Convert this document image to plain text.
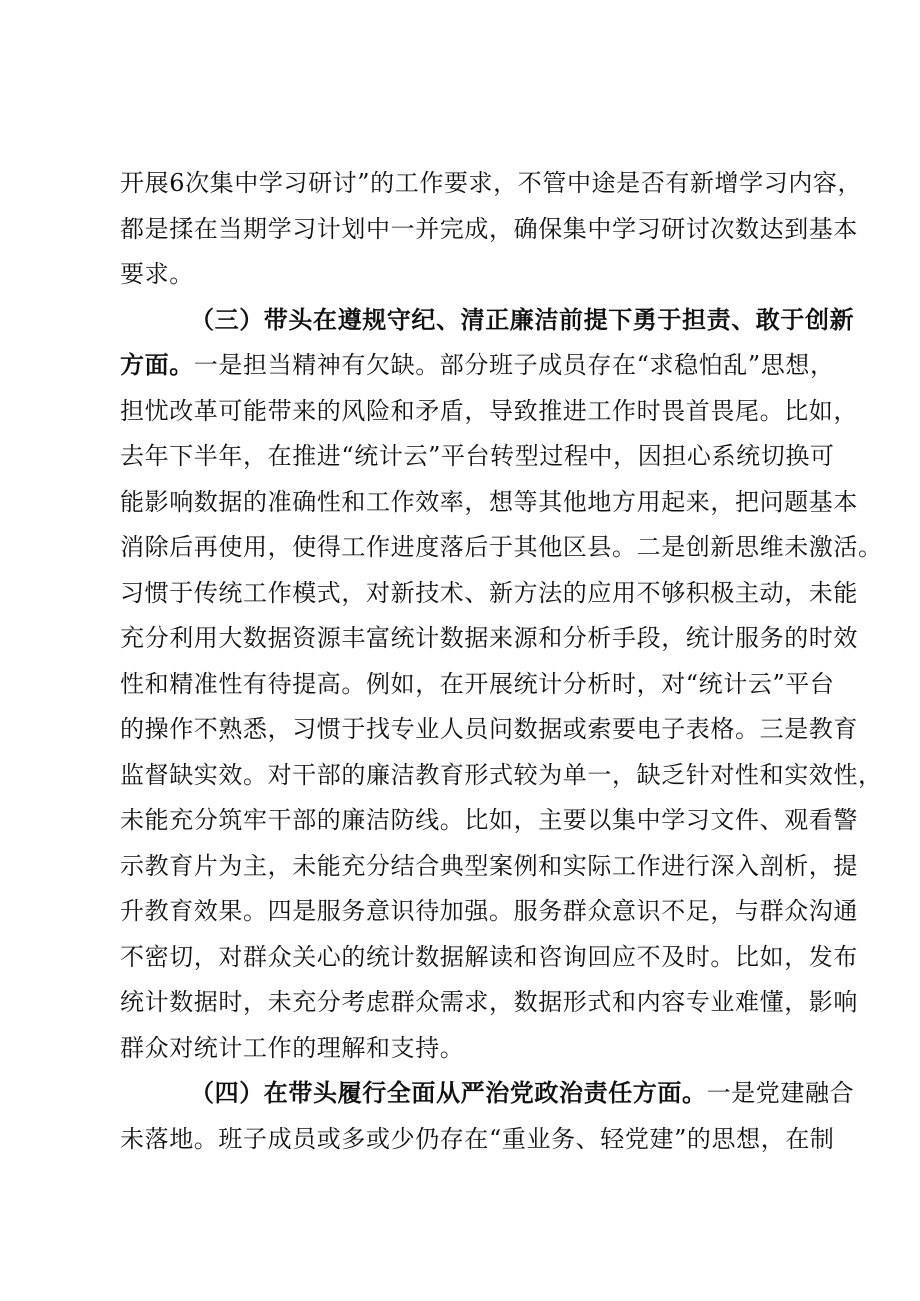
开展6次集中学习研讨”的工作要求，不管中途是否有新增学习内容，
都是揉在当期学习计划中一并完成，确保集中学习研讨次数达到基本
要求。
（三）带头在遵规守纪、清正廉洁前提下勇于担责、敢于创新
方面。一是担当精神有欠缺。部分班子成员存在“求稳怕乱”思想，
担忧改革可能带来的风险和矛盾，导致推进工作时畏首畏尾。比如，
去年下半年，在推进“统计云”平台转型过程中，因担心系统切换可
能影响数据的准确性和工作效率，想等其他地方用起来，把问题基本
消除后再使用，使得工作进度落后于其他区县。二是创新思维未激活。
习惯于传统工作模式，对新技术、新方法的应用不够积极主动，未能
充分利用大数据资源丰富统计数据来源和分析手段，统计服务的时效
性和精准性有待提高。例如，在开展统计分析时，对“统计云”平台
的操作不熟悉，习惯于找专业人员问数据或索要电子表格。三是教育
监督缺实效。对干部的廉洁教育形式较为单一，缺乏针对性和实效性，
未能充分筑牢干部的廉洁防线。比如，主要以集中学习文件、观看警
示教育片为主，未能充分结合典型案例和实际工作进行深入剖析，提
升教育效果。四是服务意识待加强。服务群众意识不足，与群众沟通
不密切，对群众关心的统计数据解读和咨询回应不及时。比如，发布
统计数据时，未充分考虑群众需求，数据形式和内容专业难懂，影响
群众对统计工作的理解和支持。
（四）在带头履行全面从严治党政治责任方面。一是党建融合
未落地。班子成员或多或少仍存在“重业务、轻党建”的思想，在制
